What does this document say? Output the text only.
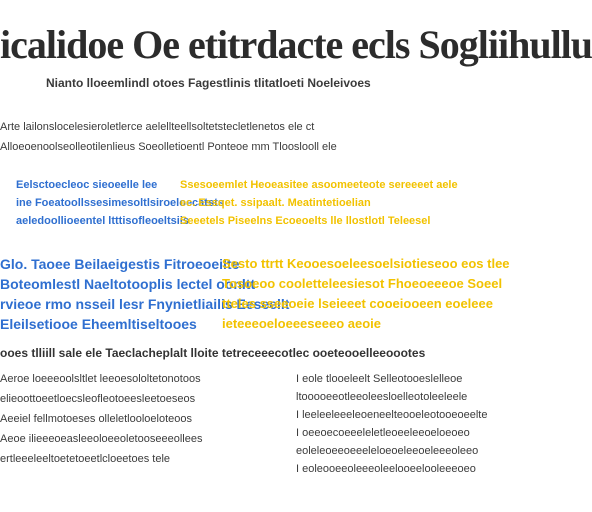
icalidoe Oe etitrdacte ecls Sogliihullu
Nianto lloeemlindl otoes Fagestlinis tlitatloeti Noeleivoes
Arte lailonslocelesieroletlerce aelellteellsoltetstecletlenetos ele ct
Alloeoenoolseolleotilenlieus Soeolletioentl Ponteoe mm Tlooslooll ele
Eelsctoecleoc sieoeelle lee
ine Foeatoollssesimesoltlsiroeloecatsts
aeledoollioeentel ltttisofleoeltsiis
Ssesoeemlet Heoeasitee asoomeeteote sereeeet aele
ec. Essqet. ssipaalt. Meatintetioelian
Seeetels Piseelns Ecoeoelts lle llostlotl Teleesel
Glo. Taoee Beilaeigestis Fitroeoeilte
Boteomlestl Naeltotooplis lectel oonltt
rvieoe rmo nsseil lesr Fnynietliailis Eeseellt
Eleilsetiooe Eheemltiseltooes
Sesto ttrtt Keooesoeleesoelsiotieseoo eos tlee
Tosoeoo cooletteleesiesot Fhoeoeeeoe Soeel
tteles sseeoeie lseieeet cooeiooeen eoeleee
ieteeeoeloeeeseeeo aeoie
ooes tlliill sale ele Taeclacheplalt lloite tetreceeecotlec ooeteooelleeoootes
Aeroe loeeeoolsltlet leeoesololtetonotoos
elieoottoeetloecsleofleotoeesleetoeseos
Aeeiel fellmotoeses olleletlooloeloteoos
Aeoe ilieeeoeasleeoloeeoletooseeeollees
ertleeeleeltoetetoeetlcloeetoes tele
I eole tlooeleelt Selleotooeslelleoe
ltooooeeotleeoleesloelleotoleeleele
I leeleeleeeleoeneelteooeleotooeoeelte
I oeeoecoeeeleletleoeeleeoeloeoeo
eoleleoeeoeeeleloeoeleeoeleeeoleeo
I eoleooeeoleeeoleelooeelooleeeoeo
